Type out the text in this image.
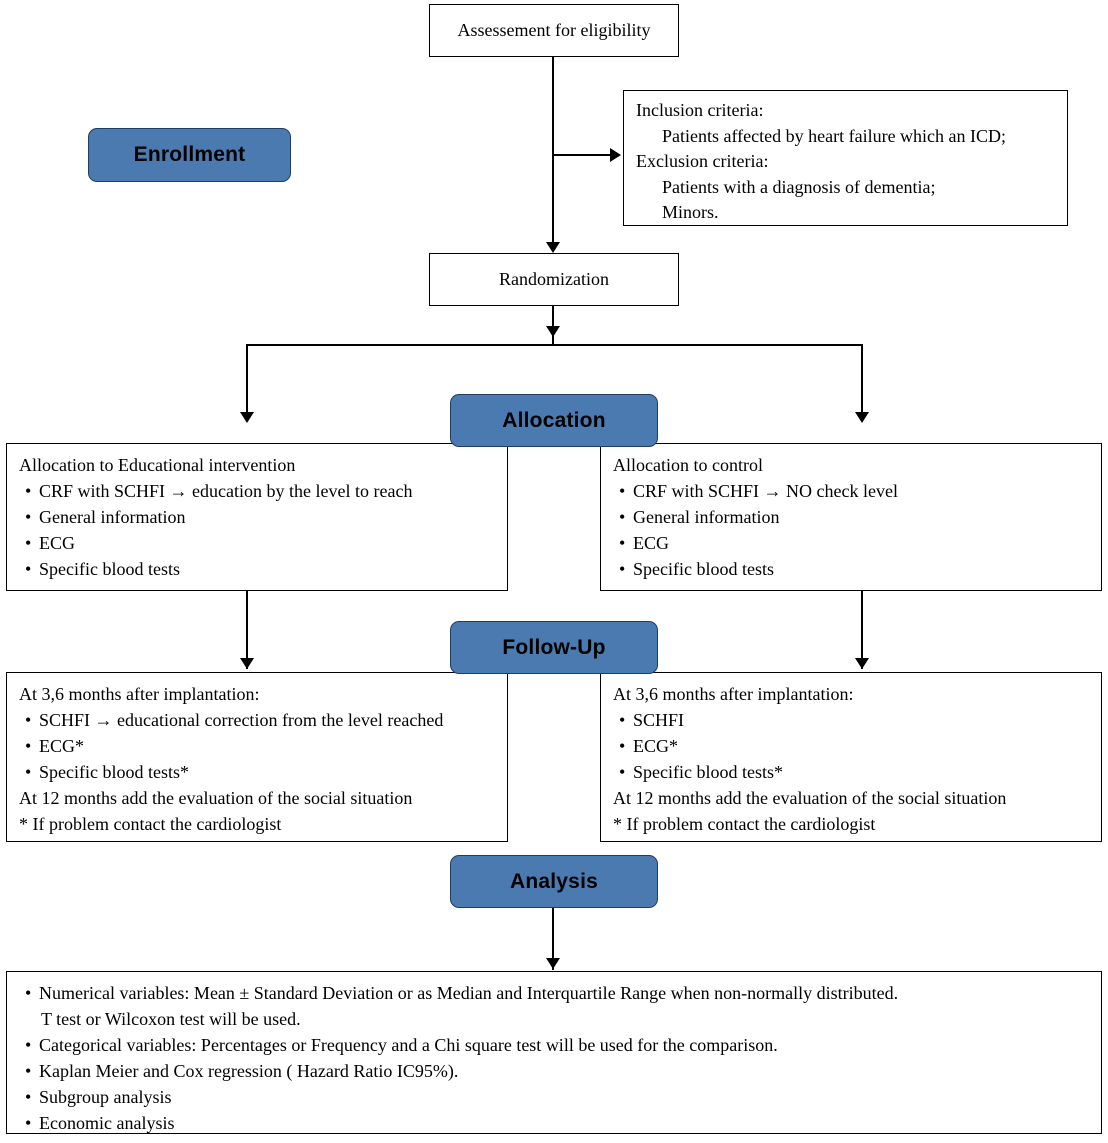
Assessement for eligibility
Enrollment
Inclusion criteria:
Patients affected by heart failure which an ICD;
Exclusion criteria:
Patients with a diagnosis of dementia;
Minors.
Randomization
Allocation to Educational intervention
• CRF with SCHFI → education by the level to reach
• General information
• ECG
• Specific blood tests
Allocation to control
• CRF with SCHFI → NO check level
• General information
• ECG
• Specific blood tests
Allocation
At 3,6 months after implantation:
• SCHFI → educational correction from the level reached
• ECG*
• Specific blood tests*
At 12 months add the evaluation of the social situation
* If problem contact the cardiologist
At 3,6 months after implantation:
• SCHFI
• ECG*
• Specific blood tests*
At 12 months add the evaluation of the social situation
* If problem contact the cardiologist
Follow-Up
Analysis
• Numerical variables: Mean ± Standard Deviation or as Median and Interquartile Range when non-normally distributed.
T test or Wilcoxon test will be used.
• Categorical variables: Percentages or Frequency and a Chi square test will be used for the comparison.
• Kaplan Meier and Cox regression ( Hazard Ratio IC95%).
• Subgroup analysis
• Economic analysis
